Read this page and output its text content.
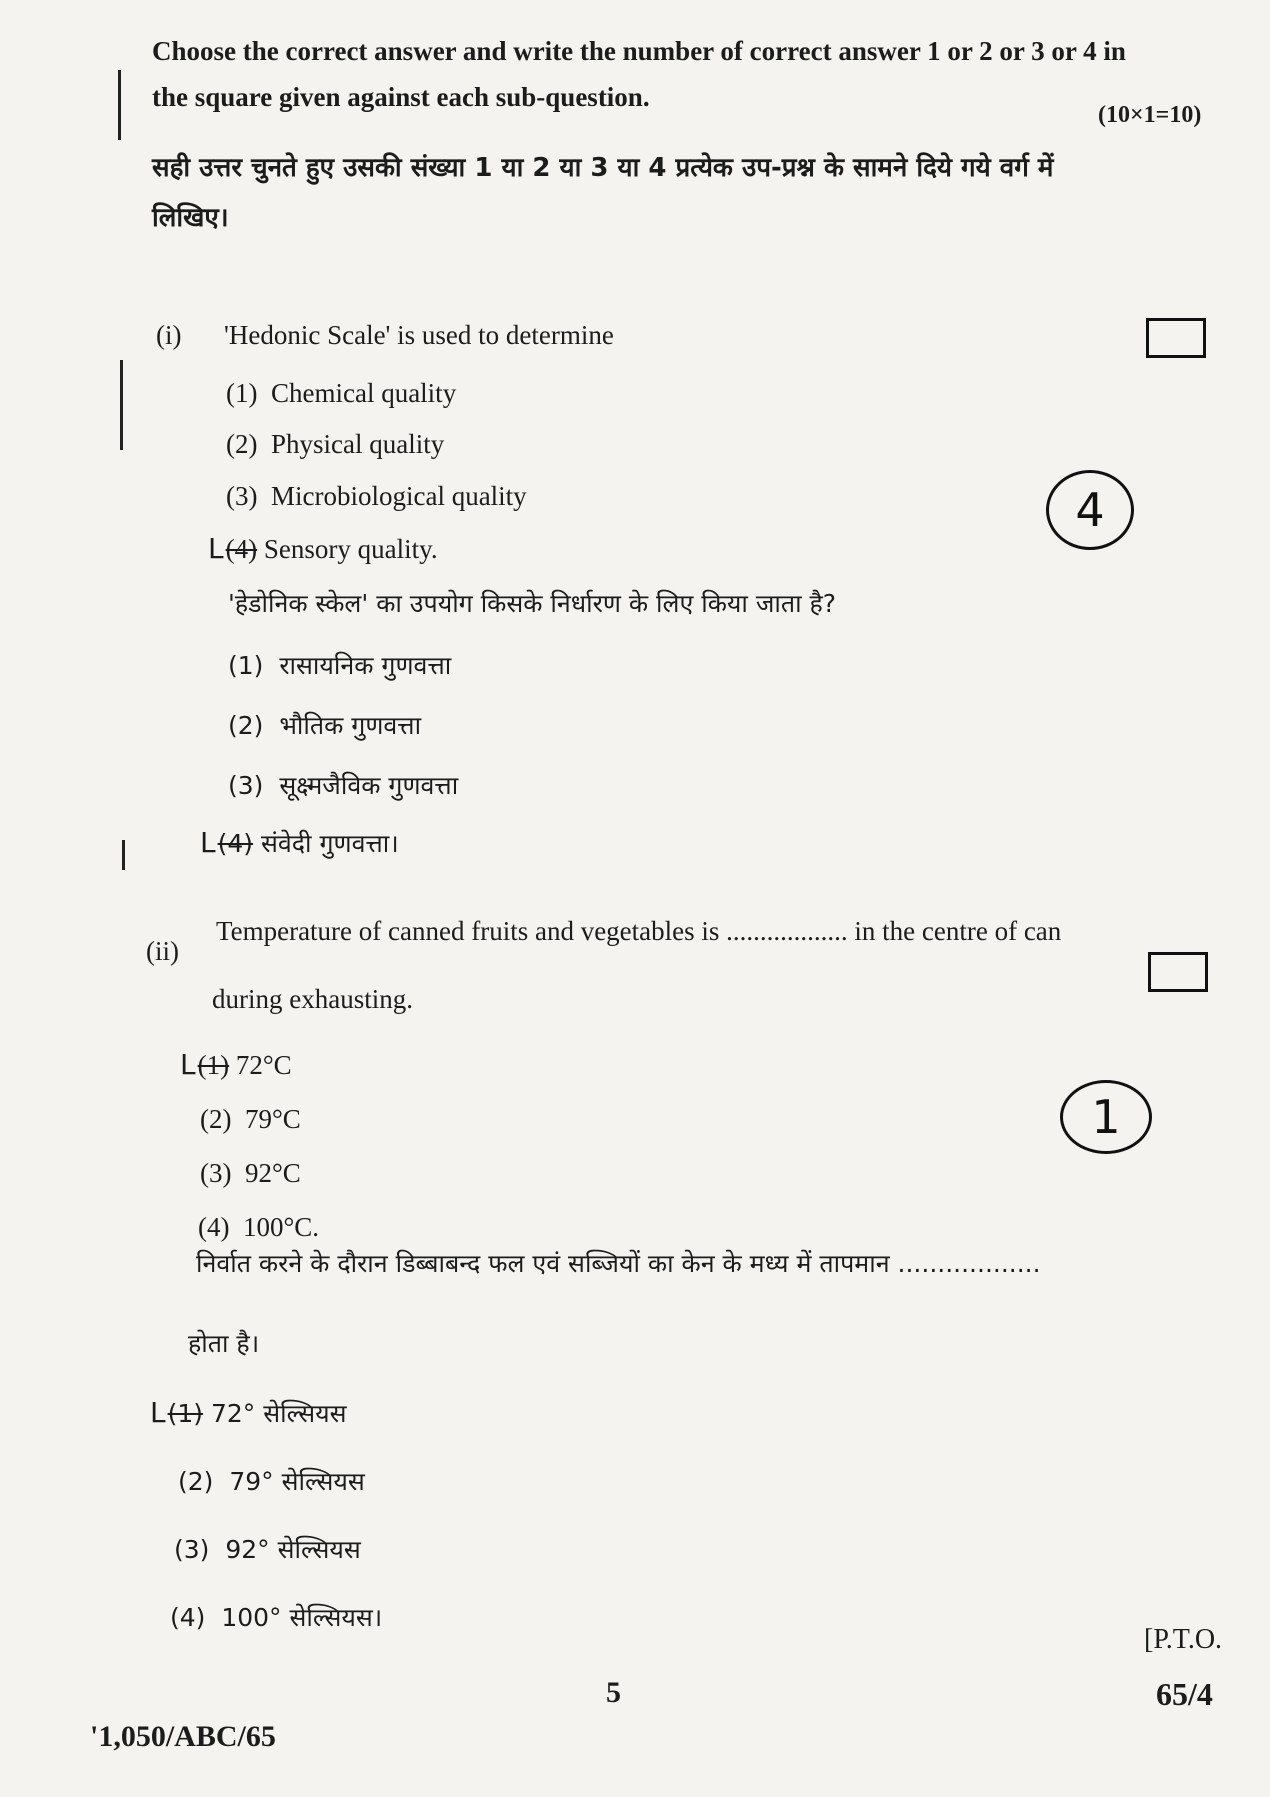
Choose the correct answer and write the number of correct answer 1 or 2 or 3 or 4 in
the square given against each sub-question.
(10×1=10)
सही उत्तर चुनते हुए उसकी संख्या 1 या 2 या 3 या 4 प्रत्येक उप-प्रश्न के सामने दिये गये वर्ग में
लिखिए।
(i) 'Hedonic Scale' is used to determine
(1) Chemical quality
(2) Physical quality
(3) Microbiological quality
L(4) Sensory quality.
4
'हेडोनिक स्केल' का उपयोग किसके निर्धारण के लिए किया जाता है?
(1) रासायनिक गुणवत्ता
(2) भौतिक गुणवत्ता
(3) सूक्ष्मजैविक गुणवत्ता
L(4) संवेदी गुणवत्ता।
(ii)
Temperature of canned fruits and vegetables is .................. in the centre of can
during exhausting.
L(1) 72°C
(2) 79°C
(3) 92°C
(4) 100°C.
1
निर्वात करने के दौरान डिब्बाबन्द फल एवं सब्जियों का केन के मध्य में तापमान ..................
होता है।
L(1) 72° सेल्सियस
(2) 79° सेल्सियस
(3) 92° सेल्सियस
(4) 100° सेल्सियस।
[P.T.O.
5	65/4
'1,050/ABC/65
